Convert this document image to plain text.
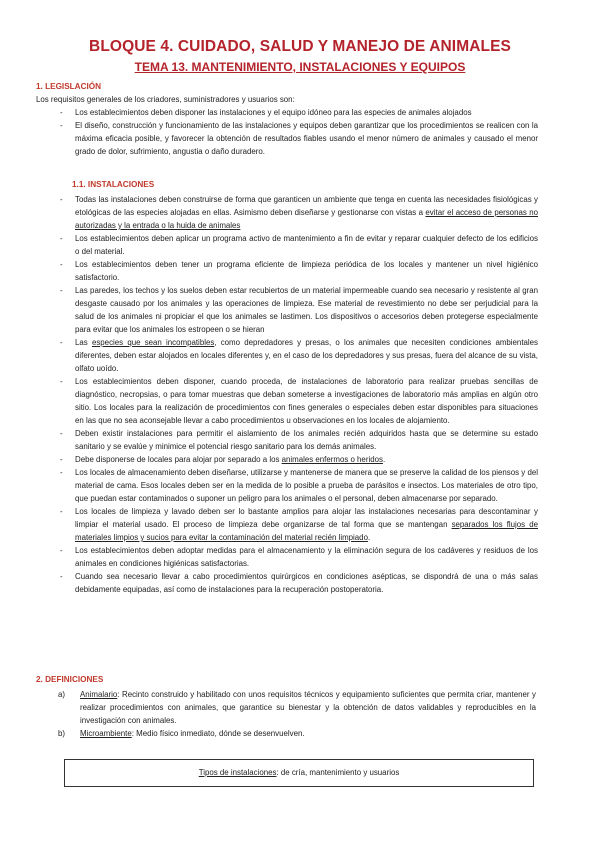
BLOQUE 4. CUIDADO, SALUD Y MANEJO DE ANIMALES
TEMA 13. MANTENIMIENTO, INSTALACIONES Y EQUIPOS
1. LEGISLACIÓN
Los requisitos generales de los criadores, suministradores y usuarios son:
- Los establecimientos deben disponer las instalaciones y el equipo idóneo para las especies de animales alojados
- El diseño, construcción y funcionamiento de las instalaciones y equipos deben garantizar que los procedimientos se realicen con la máxima eficacia posible, y favorecer la obtención de resultados fiables usando el menor número de animales y causado el menor grado de dolor, sufrimiento, angustia o daño duradero.
1.1. INSTALACIONES
- Todas las instalaciones deben construirse de forma que garanticen un ambiente que tenga en cuenta las necesidades fisiológicas y etológicas de las especies alojadas en ellas. Asimismo deben diseñarse y gestionarse con vistas a evitar el acceso de personas no autorizadas y la entrada o la huida de animales
- Los establecimientos deben aplicar un programa activo de mantenimiento a fin de evitar y reparar cualquier defecto de los edificios o del material.
- Los establecimientos deben tener un programa eficiente de limpieza periódica de los locales y mantener un nivel higiénico satisfactorio.
- Las paredes, los techos y los suelos deben estar recubiertos de un material impermeable cuando sea necesario y resistente al gran desgaste causado por los animales y las operaciones de limpieza. Ese material de revestimiento no debe ser perjudicial para la salud de los animales ni propiciar el que los animales se lastimen. Los dispositivos o accesorios deben protegerse especialmente para evitar que los animales los estropeen o se hieran
- Las especies que sean incompatibles, como depredadores y presas, o los animales que necesiten condiciones ambientales diferentes, deben estar alojados en locales diferentes y, en el caso de los depredadores y sus presas, fuera del alcance de su vista, olfato uoído.
- Los establecimientos deben disponer, cuando proceda, de instalaciones de laboratorio para realizar pruebas sencillas de diagnóstico, necropsias, o para tomar muestras que deban someterse a investigaciones de laboratorio más amplias en algún otro sitio. Los locales para la realización de procedimientos con fines generales o especiales deben estar disponibles para situaciones en las que no sea aconsejable llevar a cabo procedimientos u observaciones en los locales de alojamiento.
- Deben existir instalaciones para permitir el aislamiento de los animales recién adquiridos hasta que se determine su estado sanitario y se evalúe y minimice el potencial riesgo sanitario para los demás animales.
- Debe disponerse de locales para alojar por separado a los animales enfermos o heridos.
- Los locales de almacenamiento deben diseñarse, utilizarse y mantenerse de manera que se preserve la calidad de los piensos y del material de cama. Esos locales deben ser en la medida de lo posible a prueba de parásitos e insectos. Los materiales de otro tipo, que puedan estar contaminados o suponer un peligro para los animales o el personal, deben almacenarse por separado.
- Los locales de limpieza y lavado deben ser lo bastante amplios para alojar las instalaciones necesarias para descontaminar y limpiar el material usado. El proceso de limpieza debe organizarse de tal forma que se mantengan separados los flujos de materiales limpios y sucios para evitar la contaminación del material recién limpiado.
- Los establecimientos deben adoptar medidas para el almacenamiento y la eliminación segura de los cadáveres y residuos de los animales en condiciones higiénicas satisfactorias.
- Cuando sea necesario llevar a cabo procedimientos quirúrgicos en condiciones asépticas, se dispondrá de una o más salas debidamente equipadas, así como de instalaciones para la recuperación postoperatoria.
2. DEFINICIONES
a) Animalario: Recinto construido y habilitado con unos requisitos técnicos y equipamiento suficientes que permita criar, mantener y realizar procedimientos con animales, que garantice su bienestar y la obtención de datos validables y reproducibles en la investigación con animales.
b) Microambiente: Medio físico inmediato, dónde se desenvuelven.
Tipos de instalaciones: de cría, mantenimiento y usuarios
